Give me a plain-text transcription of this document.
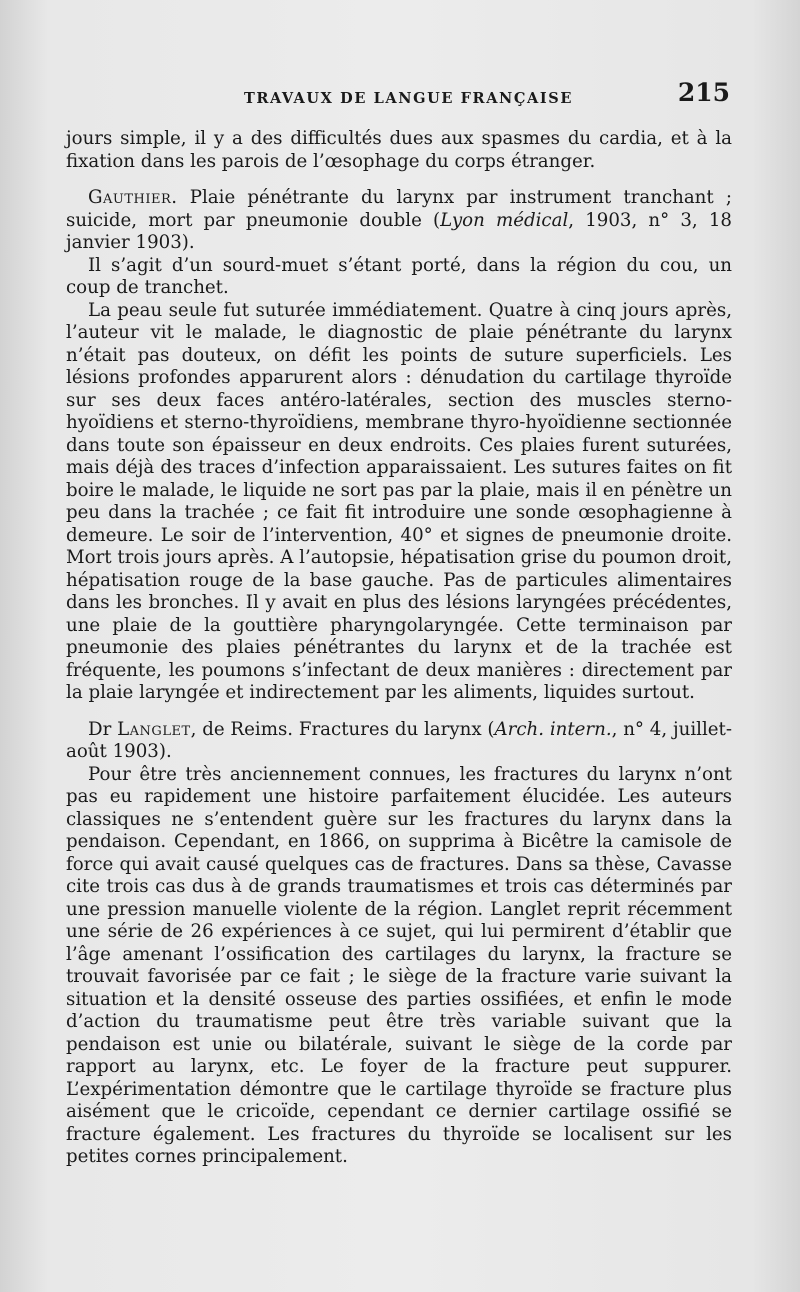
TRAVAUX DE LANGUE FRANÇAISE	215

jours simple, il y a des difficultés dues aux spasmes du cardia, et à la fixation dans les parois de l’œsophage du corps étranger.

Gauthier. Plaie pénétrante du larynx par instrument tranchant ; suicide, mort par pneumonie double (Lyon médical, 1903, n° 3, 18 janvier 1903).

Il s’agit d’un sourd-muet s’étant porté, dans la région du cou, un coup de tranchet.

La peau seule fut suturée immédiatement. Quatre à cinq jours après, l’auteur vit le malade, le diagnostic de plaie pénétrante du larynx n’était pas douteux, on défit les points de suture superficiels. Les lésions profondes apparurent alors : dénudation du cartilage thyroïde sur ses deux faces antéro-latérales, section des muscles sterno-hyoïdiens et sterno-thyroïdiens, membrane thyro-hyoïdienne sectionnée dans toute son épaisseur en deux endroits. Ces plaies furent suturées, mais déjà des traces d’infection apparaissaient. Les sutures faites on fit boire le malade, le liquide ne sort pas par la plaie, mais il en pénètre un peu dans la trachée ; ce fait fit introduire une sonde œsophagienne à demeure. Le soir de l’intervention, 40° et signes de pneumonie droite. Mort trois jours après. A l’autopsie, hépatisation grise du poumon droit, hépatisation rouge de la base gauche. Pas de particules alimentaires dans les bronches. Il y avait en plus des lésions laryngées précédentes, une plaie de la gouttière pharyngolaryngée. Cette terminaison par pneumonie des plaies pénétrantes du larynx et de la trachée est fréquente, les poumons s’infectant de deux manières : directement par la plaie laryngée et indirectement par les aliments, liquides surtout.

Dr Langlet, de Reims. Fractures du larynx (Arch. intern., n° 4, juillet-août 1903).

Pour être très anciennement connues, les fractures du larynx n’ont pas eu rapidement une histoire parfaitement élucidée. Les auteurs classiques ne s’entendent guère sur les fractures du larynx dans la pendaison. Cependant, en 1866, on supprima à Bicêtre la camisole de force qui avait causé quelques cas de fractures. Dans sa thèse, Cavasse cite trois cas dus à de grands traumatismes et trois cas déterminés par une pression manuelle violente de la région. Langlet reprit récemment une série de 26 expériences à ce sujet, qui lui permirent d’établir que l’âge amenant l’ossification des cartilages du larynx, la fracture se trouvait favorisée par ce fait ; le siège de la fracture varie suivant la situation et la densité osseuse des parties ossifiées, et enfin le mode d’action du traumatisme peut être très variable suivant que la pendaison est unie ou bilatérale, suivant le siège de la corde par rapport au larynx, etc. Le foyer de la fracture peut suppurer. L’expérimentation démontre que le cartilage thyroïde se fracture plus aisément que le cricoïde, cependant ce dernier cartilage ossifié se fracture également. Les fractures du thyroïde se localisent sur les petites cornes principalement.
